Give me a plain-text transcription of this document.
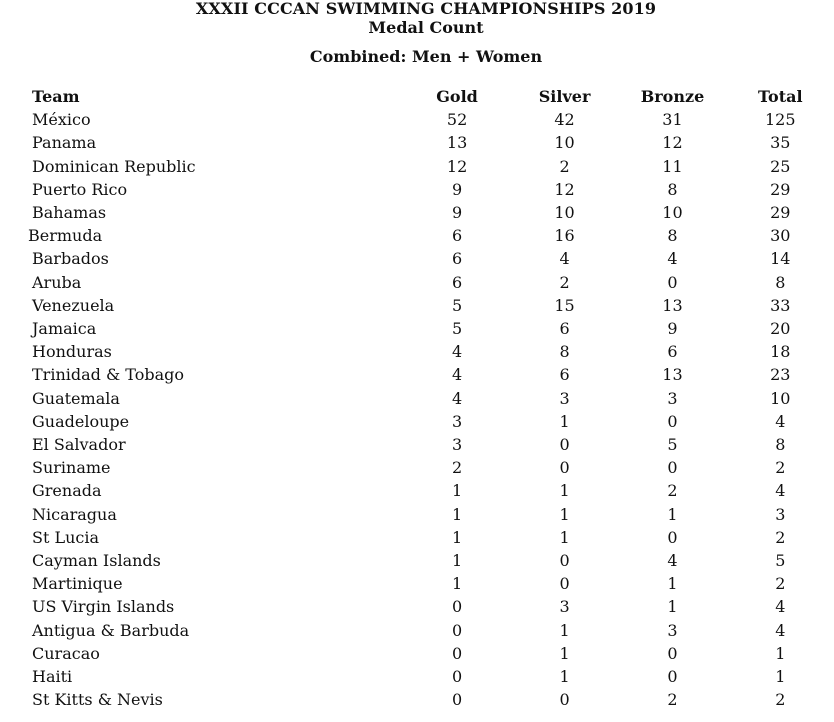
XXXII CCCAN SWIMMING CHAMPIONSHIPS 2019
Medal Count
Combined: Men + Women
Team	Gold	Silver	Bronze	Total
México	52	42	31	125
Panama	13	10	12	35
Dominican Republic	12	2	11	25
Puerto Rico	9	12	8	29
Bahamas	9	10	10	29
Bermuda	6	16	8	30
Barbados	6	4	4	14
Aruba	6	2	0	8
Venezuela	5	15	13	33
Jamaica	5	6	9	20
Honduras	4	8	6	18
Trinidad & Tobago	4	6	13	23
Guatemala	4	3	3	10
Guadeloupe	3	1	0	4
El Salvador	3	0	5	8
Suriname	2	0	0	2
Grenada	1	1	2	4
Nicaragua	1	1	1	3
St Lucia	1	1	0	2
Cayman Islands	1	0	4	5
Martinique	1	0	1	2
US Virgin Islands	0	3	1	4
Antigua & Barbuda	0	1	3	4
Curacao	0	1	0	1
Haiti	0	1	0	1
St Kitts & Nevis	0	0	2	2
